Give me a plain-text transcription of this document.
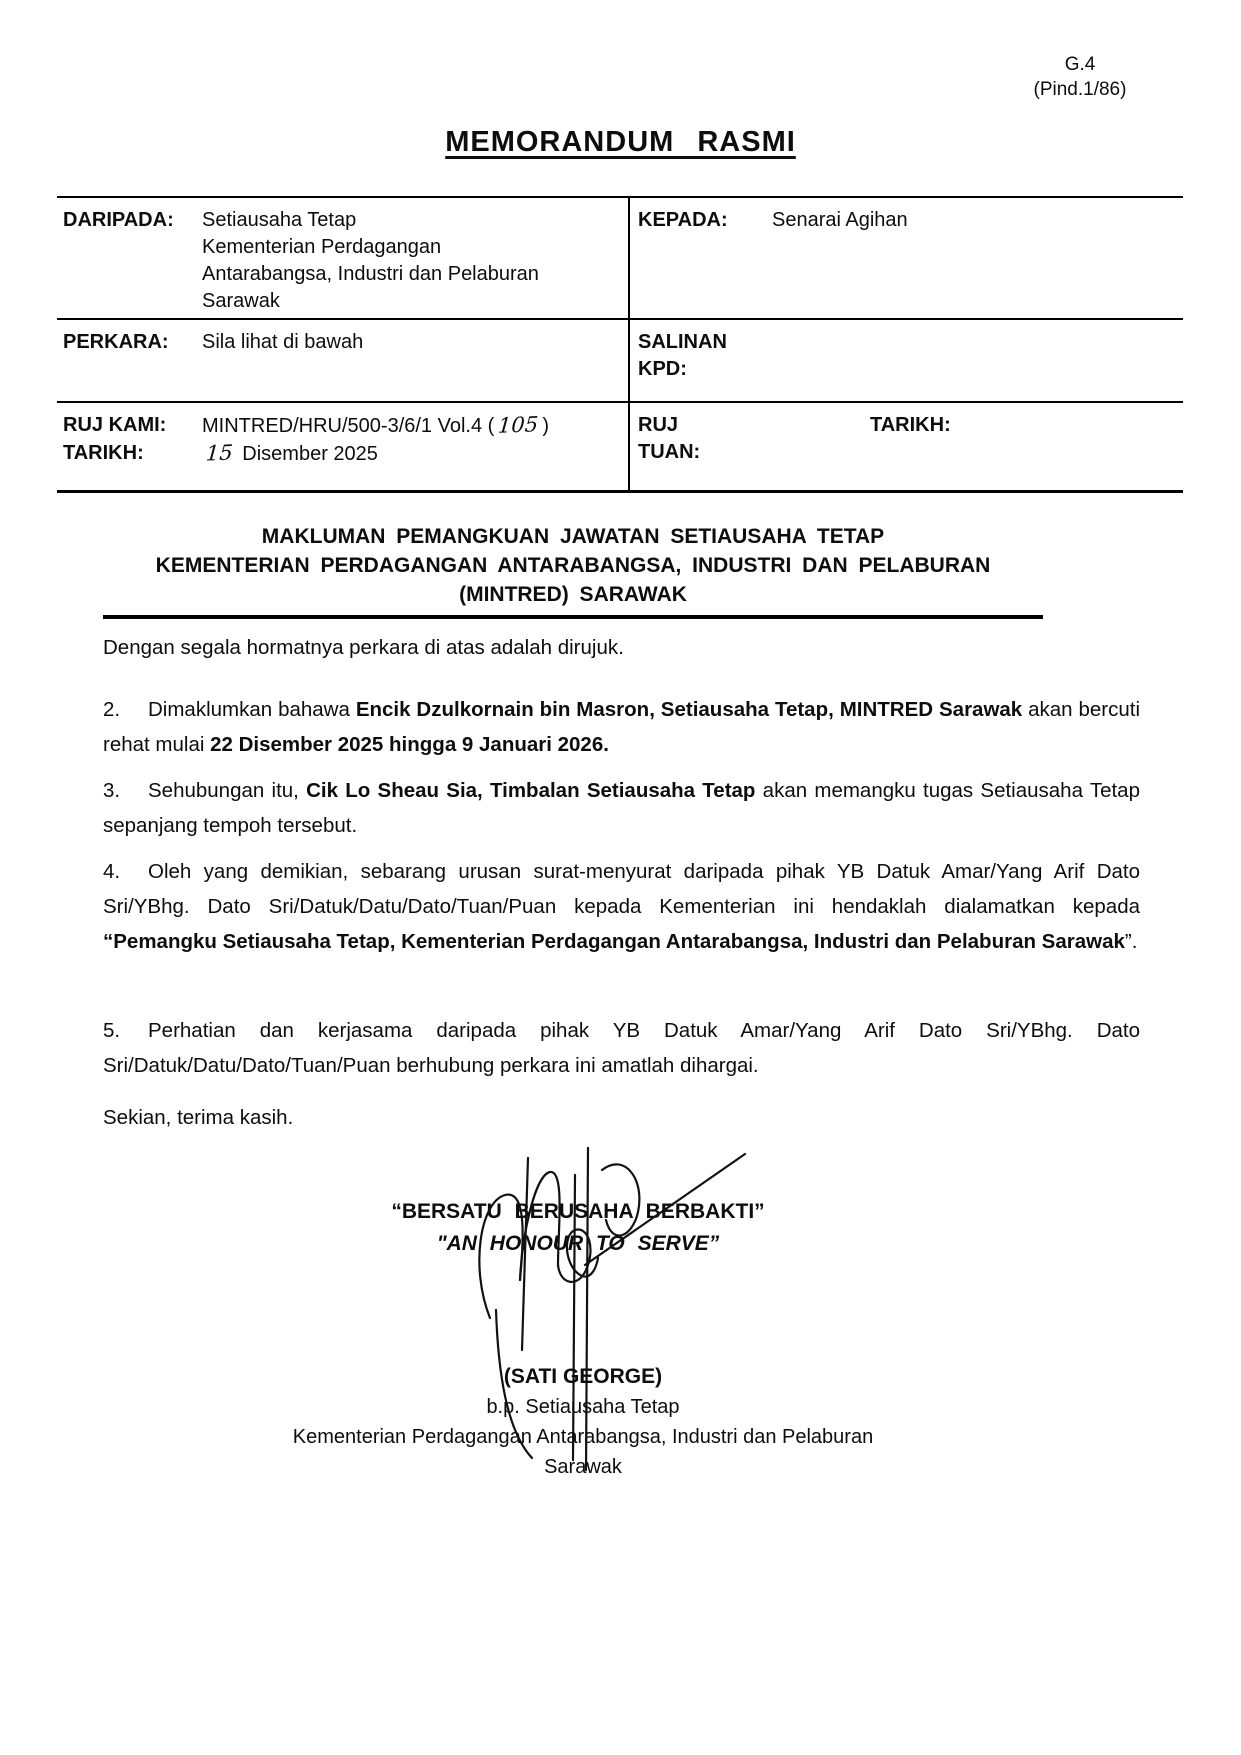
G.4
(Pind.1/86)
MEMORANDUM RASMI
DARIPADA:	Setiausaha Tetap
Kementerian Perdagangan
Antarabangsa, Industri dan Pelaburan
Sarawak
KEPADA:	Senarai Agihan
PERKARA:	Sila lihat di bawah	SALINAN
KPD:
RUJ KAMI:	MINTRED/HRU/500-3/6/1 Vol.4 ( 105 )
TARIKH:	15 Disember 2025
RUJ
TUAN:
TARIKH:
MAKLUMAN PEMANGKUAN JAWATAN SETIAUSAHA TETAP
KEMENTERIAN PERDAGANGAN ANTARABANGSA, INDUSTRI DAN PELABURAN
(MINTRED) SARAWAK
Dengan segala hormatnya perkara di atas adalah dirujuk.
2. Dimaklumkan bahawa Encik Dzulkornain bin Masron, Setiausaha Tetap, MINTRED Sarawak akan bercuti rehat mulai 22 Disember 2025 hingga 9 Januari 2026.
3. Sehubungan itu, Cik Lo Sheau Sia, Timbalan Setiausaha Tetap akan memangku tugas Setiausaha Tetap sepanjang tempoh tersebut.
4. Oleh yang demikian, sebarang urusan surat-menyurat daripada pihak YB Datuk Amar/Yang Arif Dato Sri/YBhg. Dato Sri/Datuk/Datu/Dato/Tuan/Puan kepada Kementerian ini hendaklah dialamatkan kepada “Pemangku Setiausaha Tetap, Kementerian Perdagangan Antarabangsa, Industri dan Pelaburan Sarawak”.
5. Perhatian dan kerjasama daripada pihak YB Datuk Amar/Yang Arif Dato Sri/YBhg. Dato Sri/Datuk/Datu/Dato/Tuan/Puan berhubung perkara ini amatlah dihargai.
Sekian, terima kasih.
“BERSATU BERUSAHA BERBAKTI”
"AN HONOUR TO SERVE”
(SATI GEORGE)
b.p. Setiausaha Tetap
Kementerian Perdagangan Antarabangsa, Industri dan Pelaburan
Sarawak
